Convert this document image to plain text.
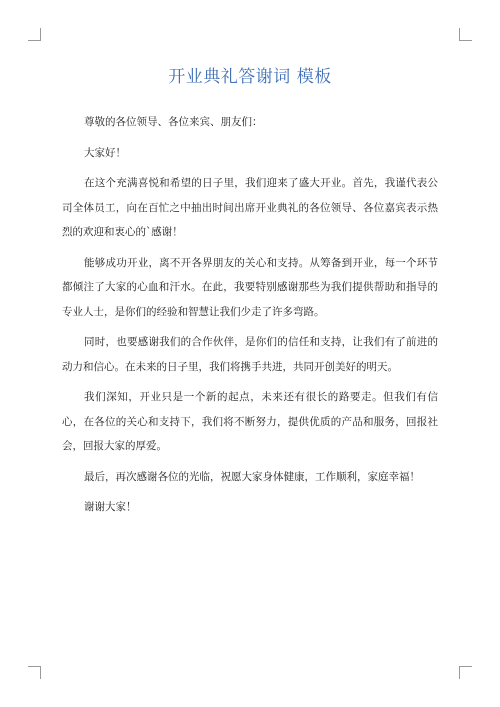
开业典礼答谢词 模板

尊敬的各位领导、各位来宾、朋友们：

大家好！

在这个充满喜悦和希望的日子里，我们迎来了盛大开业。首先，我谨代表公司全体员工，向在百忙之中抽出时间出席开业典礼的各位领导、各位嘉宾表示热烈的欢迎和衷心的`感谢！

能够成功开业，离不开各界朋友的关心和支持。从筹备到开业，每一个环节都倾注了大家的心血和汗水。在此，我要特别感谢那些为我们提供帮助和指导的专业人士，是你们的经验和智慧让我们少走了许多弯路。

同时，也要感谢我们的合作伙伴，是你们的信任和支持，让我们有了前进的动力和信心。在未来的日子里，我们将携手共进，共同开创美好的明天。

我们深知，开业只是一个新的起点，未来还有很长的路要走。但我们有信心，在各位的关心和支持下，我们将不断努力，提供优质的产品和服务，回报社会，回报大家的厚爱。

最后，再次感谢各位的光临，祝愿大家身体健康，工作顺利，家庭幸福！

谢谢大家！
